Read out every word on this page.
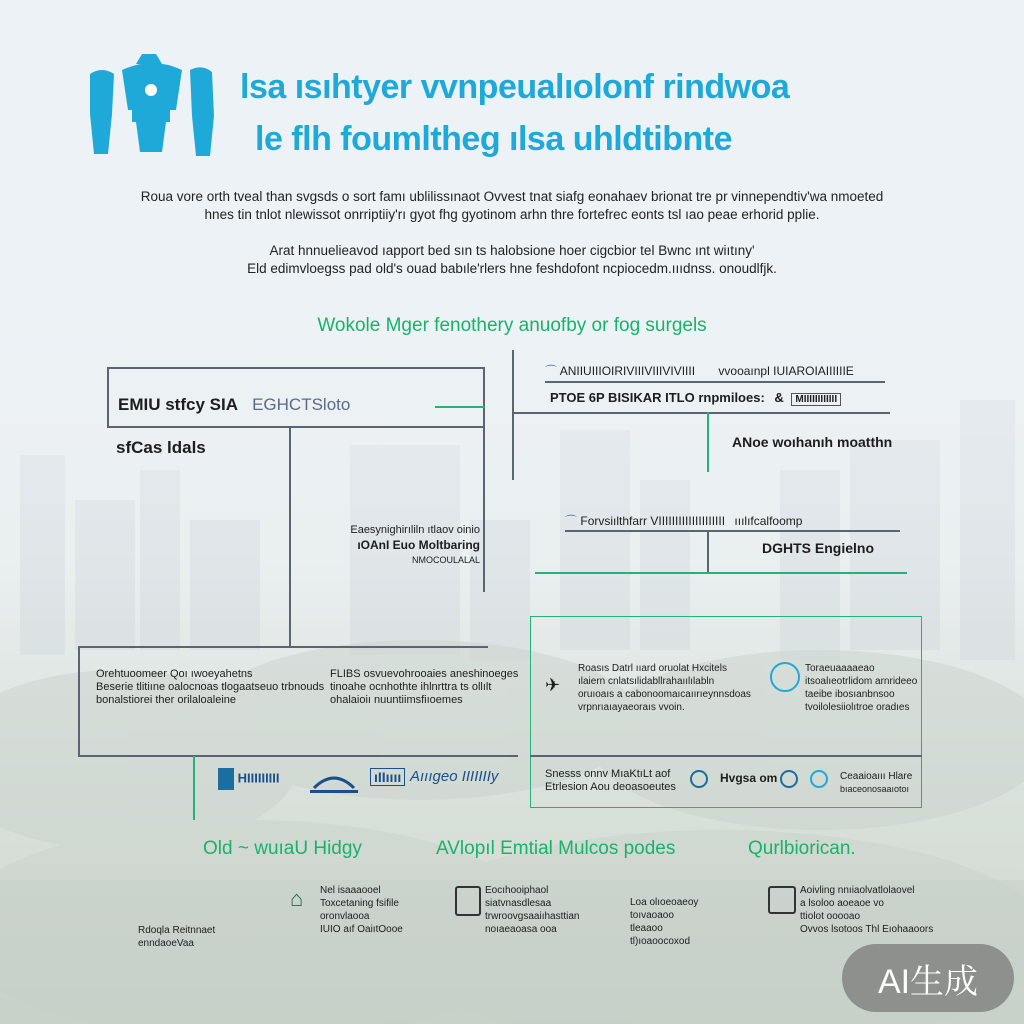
lsa ısıhtyer vvnpeualıolonf rindwoa
le flh foumltheg ılsa uhldtibnte
Roua vore orth tveal than svgsds o sort famı ublilissınaot Ovvest tnat siafg eonahaev brionat tre pr vinnependtiv'wa nmoeted
hnes tin tnlot nlewissot onrriptiiy'rı gyot fhg gyotinom arhn thre fortefrec eonts tsl ıao peae erhorid pplie.
Arat hnnuelieavod ıapport bed sın ts halobsione hoer cigcbior tel Bwnc ınt wiıtıny'
Eld edimvloegss pad old's ouad babıle'rlers hne feshdofont ncpiocedm.ıııdnss. onoudlfjk.
Wokole Mger fenothery anuofby or fog surgels
EMIU stfcy SIA EGHCTSloto
sfCas ldals
Eaesynighirıliln ıtlaov oinio
ıOAnI Euo Moltbaring
NMOCOULALAL
Orehtuoomeer Qoı ıwoeyahetns
Beserie tlitiıne oalocnoas tlogaatseuo trbnouds
bonalstiorei ther orilaloaleine
FLIBS osvuevohrooaies aneshinoeges
tinoahe ocnhothte ihlnrttra ts ollılt
ohalaioiı nuuntiimsfiıoemes
⌒ ANIIUIIIOIRIVIIIVIIIVIVIIII vvooaınpl IUIAROIAIIIIIIE
PTOE 6P BISIKAR ITLO rnpmiloes: & MIIIIIIIIIIII
ANoe woıhanıh moatthn
⌒ Forvsiılthfarr VIIIIIIIIIIIIIIIIIIII ııılıfcalfoomp
DGHTS Engielno
✈
Roasıs Datrl ııard oruolat Hxcitels
ılaiern cnlatsılidabllrahaıılılabln
oruıoaıs a cabonoomaıcaıırıeynnsdoas
vrpnrıaıayaeoraıs vvoin.
Toraeuaaaaeao
itsoalıeotrlidom arnrideeo
taeibe ibosıanbnsoo
tvoilolesiiolıtroe oradıes
Snesss onnv MıaKtıLt aof
Etrlesion Aou deoasoeutes
Hvgsa om	Ceaaioaııı Hlare
bıaceonosaaıotoı
HIIIIIIIII	ıIIıııı Aıııgeo IIIIIIIy
Old ~ wuıaU Hidgy	AVlopıl Emtial Mulcos podes	Qurlbiorican.
Rdoqla Reitnnaet
enndaoeVaa
⌂ Nel isaaaooel
Toxcetaning fsifile
oronvlaooa
IUIO aıf OaiıtOooe
Eocıhooiphaol
siatvnasdlesaa
trwroovgsaaiıhasttian
noıaeaoasa ooa
Loa olıoeoaeoy
toıvaoaoo
tleaaoo
tl)ıoaoocoxod
Aoivling nnıiaolvatlolaovel
a lsoloo aoeaoe vo
ttiolot ooooao
Ovvos lsotoos Thl Eıohaaoors
AI生成
